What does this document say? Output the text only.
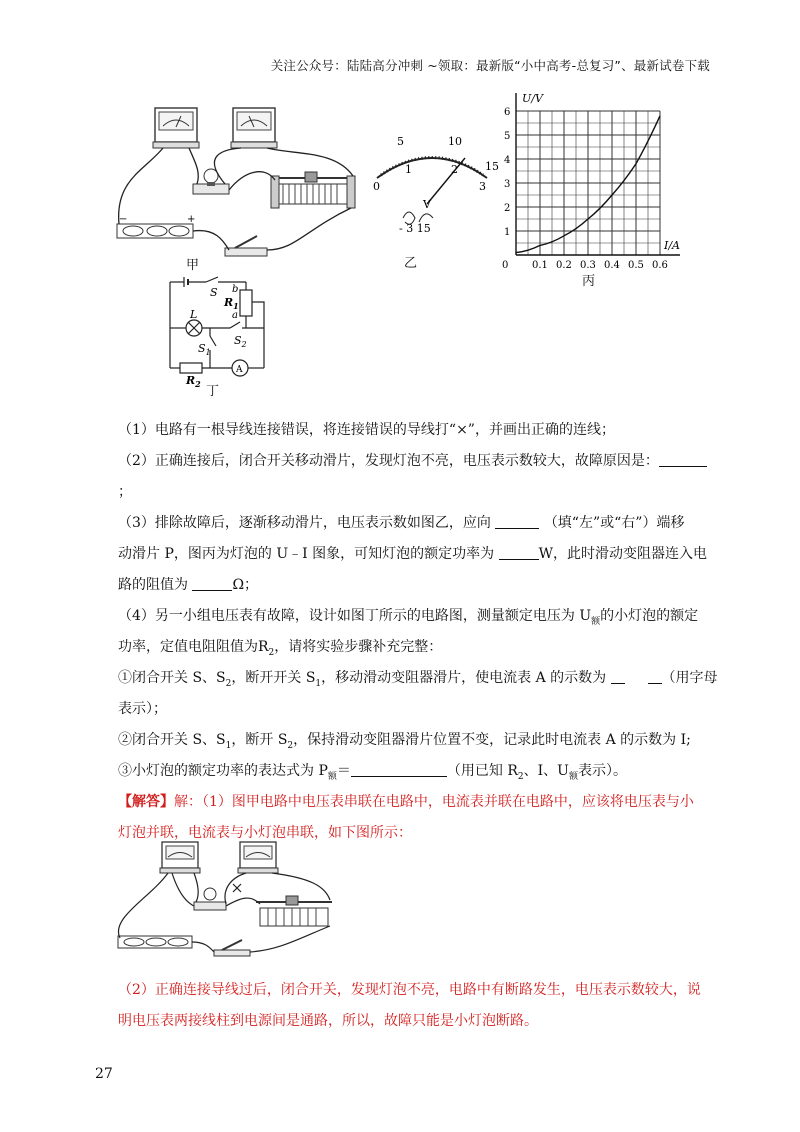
关注公众号：陆陆高分冲刺 ~领取：最新版“小中高考-总复习”、最新试卷下载
−	+
甲
5	10
15
0
1	2
3
V
- 3 15
乙
1
2
3
4
5
6
0 0.1 0.2 0.3 0.4 0.5 0.6
U/V
I/A
丙
S b
a
$R_1$
L
$S_2$
$S_1$
$R_2$
A
丁
（1）电路有一根导线连接错误，将连接错误的导线打“×”，并画出正确的连线；
（2）正确连接后，闭合开关移动滑片，发现灯泡不亮，电压表示数较大，故障原因是：
；
（3）排除故障后，逐渐移动滑片，电压表示数如图乙，应向	（填“左”或“右”）端移
动滑片 P，图丙为灯泡的 U﹣I 图象，可知灯泡的额定功率为	W，此时滑动变阻器连入电
路的阻值为	Ω；
（4）另一小组电压表有故障，设计如图丁所示的电路图，测量额定电压为 $U_额$的小灯泡的额定
功率，定值电阻阻值为$R_2$，请将实验步骤补充完整：
①闭合开关 S、$S_2$，断开开关 $S_1$，移动滑动变阻器滑片，使电流表 A 的示数为	（用字母
表示）；
②闭合开关 S、$S_1$，断开 $S_2$，保持滑动变阻器滑片位置不变，记录此时电流表 A 的示数为 I;
③小灯泡的额定功率的表达式为 $P_额=$	（用已知 $R_2$、I、$U_额$表示）。
【解答】解：（1）图甲电路中电压表串联在电路中，电流表并联在电路中，应该将电压表与小
灯泡并联，电流表与小灯泡串联，如下图所示：
（2）正确连接导线过后，闭合开关，发现灯泡不亮，电路中有断路发生，电压表示数较大，说
明电压表两接线柱到电源间是通路，所以，故障只能是小灯泡断路。
27
